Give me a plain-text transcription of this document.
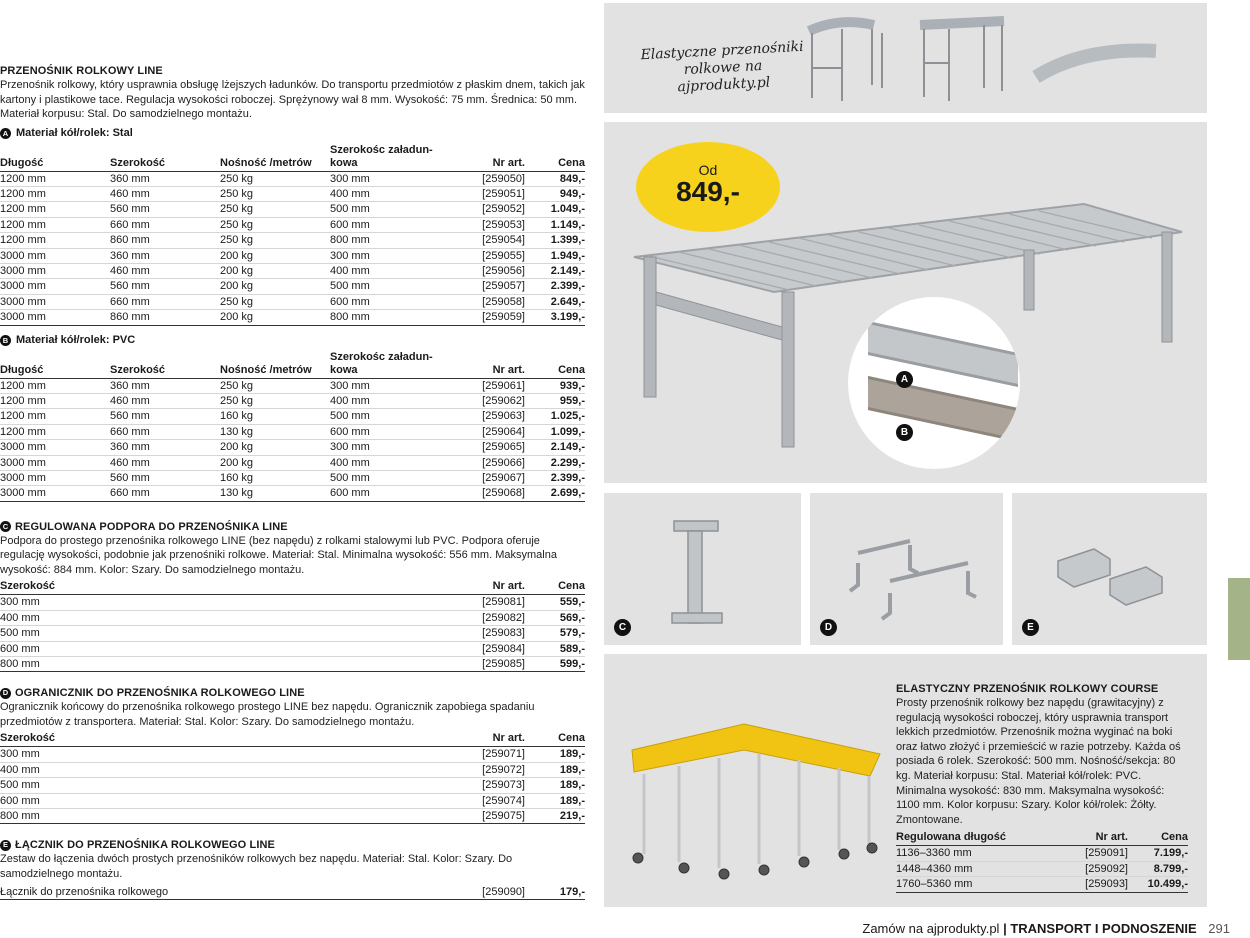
PRZENOŚNIK ROLKOWY LINE
Przenośnik rolkowy, który usprawnia obsługę lżejszych ładunków. Do transportu przedmiotów z płaskim dnem, takich jak kartony i plastikowe tace. Regulacja wysokości roboczej. Sprężynowy wał 8 mm. Wysokość: 75 mm. Średnica: 50 mm. Materiał korpusu: Stal. Do samodzielnego montażu.
A Materiał kół/rolek: Stal
Długość	Szerokość	Nośność /metrów	Szerokośc załadun-kowa	Nr art.	Cena
1200 mm	360 mm	250 kg	300 mm	[259050]	849,-
1200 mm	460 mm	250 kg	400 mm	[259051]	949,-
1200 mm	560 mm	250 kg	500 mm	[259052]	1.049,-
1200 mm	660 mm	250 kg	600 mm	[259053]	1.149,-
1200 mm	860 mm	250 kg	800 mm	[259054]	1.399,-
3000 mm	360 mm	200 kg	300 mm	[259055]	1.949,-
3000 mm	460 mm	200 kg	400 mm	[259056]	2.149,-
3000 mm	560 mm	200 kg	500 mm	[259057]	2.399,-
3000 mm	660 mm	250 kg	600 mm	[259058]	2.649,-
3000 mm	860 mm	200 kg	800 mm	[259059]	3.199,-
B Materiał kół/rolek: PVC
Długość	Szerokość	Nośność /metrów	Szerokośc załadun-kowa	Nr art.	Cena
1200 mm	360 mm	250 kg	300 mm	[259061]	939,-
1200 mm	460 mm	250 kg	400 mm	[259062]	959,-
1200 mm	560 mm	160 kg	500 mm	[259063]	1.025,-
1200 mm	660 mm	130 kg	600 mm	[259064]	1.099,-
3000 mm	360 mm	200 kg	300 mm	[259065]	2.149,-
3000 mm	460 mm	200 kg	400 mm	[259066]	2.299,-
3000 mm	560 mm	160 kg	500 mm	[259067]	2.399,-
3000 mm	660 mm	130 kg	600 mm	[259068]	2.699,-
C REGULOWANA PODPORA DO PRZENOŚNIKA LINE
Podpora do prostego przenośnika rolkowego LINE (bez napędu) z rolkami stalowymi lub PVC. Podpora oferuje regulację wysokości, podobnie jak przenośniki rolkowe. Materiał: Stal. Minimalna wysokość: 556 mm. Maksymalna wysokość: 884 mm. Kolor: Szary. Do samodzielnego montażu.
Szerokość	Nr art.	Cena
300 mm	[259081]	559,-
400 mm	[259082]	569,-
500 mm	[259083]	579,-
600 mm	[259084]	589,-
800 mm	[259085]	599,-
D OGRANICZNIK DO PRZENOŚNIKA ROLKOWEGO LINE
Ogranicznik końcowy do przenośnika rolkowego prostego LINE bez napędu. Ogranicznik zapobiega spadaniu przedmiotów z transportera. Materiał: Stal. Kolor: Szary. Do samodzielnego montażu.
Szerokość	Nr art.	Cena
300 mm	[259071]	189,-
400 mm	[259072]	189,-
500 mm	[259073]	189,-
600 mm	[259074]	189,-
800 mm	[259075]	219,-
E ŁĄCZNIK DO PRZENOŚNIKA ROLKOWEGO LINE
Zestaw do łączenia dwóch prostych przenośników rolkowych bez napędu. Materiał: Stal. Kolor: Szary. Do samodzielnego montażu.
Łącznik do przenośnika rolkowego	[259090]	179,-
Elastyczne przenośniki
rolkowe na ajprodukty.pl
Od
849,-
A
B
C	D	E
ELASTYCZNY PRZENOŚNIK ROLKOWY COURSE
Prosty przenośnik rolkowy bez napędu (grawitacyjny) z regulacją wysokości roboczej, który usprawnia transport lekkich przedmiotów. Przenośnik można wyginać na boki oraz łatwo złożyć i przemieścić w razie potrzeby. Każda oś posiada 6 rolek. Szerokość: 500 mm. Nośność/sekcja: 80 kg. Materiał korpusu: Stal. Materiał kół/rolek: PVC. Minimalna wysokość: 830 mm. Maksymalna wysokość: 1100 mm. Kolor korpusu: Szary. Kolor kół/rolek: Żółty. Zmontowane.
Regulowana długość	Nr art.	Cena
1136–3360 mm	[259091]	7.199,-
1448–4360 mm	[259092]	8.799,-
1760–5360 mm	[259093]	10.499,-
Zamów na ajprodukty.pl | TRANSPORT I PODNOSZENIE 291
